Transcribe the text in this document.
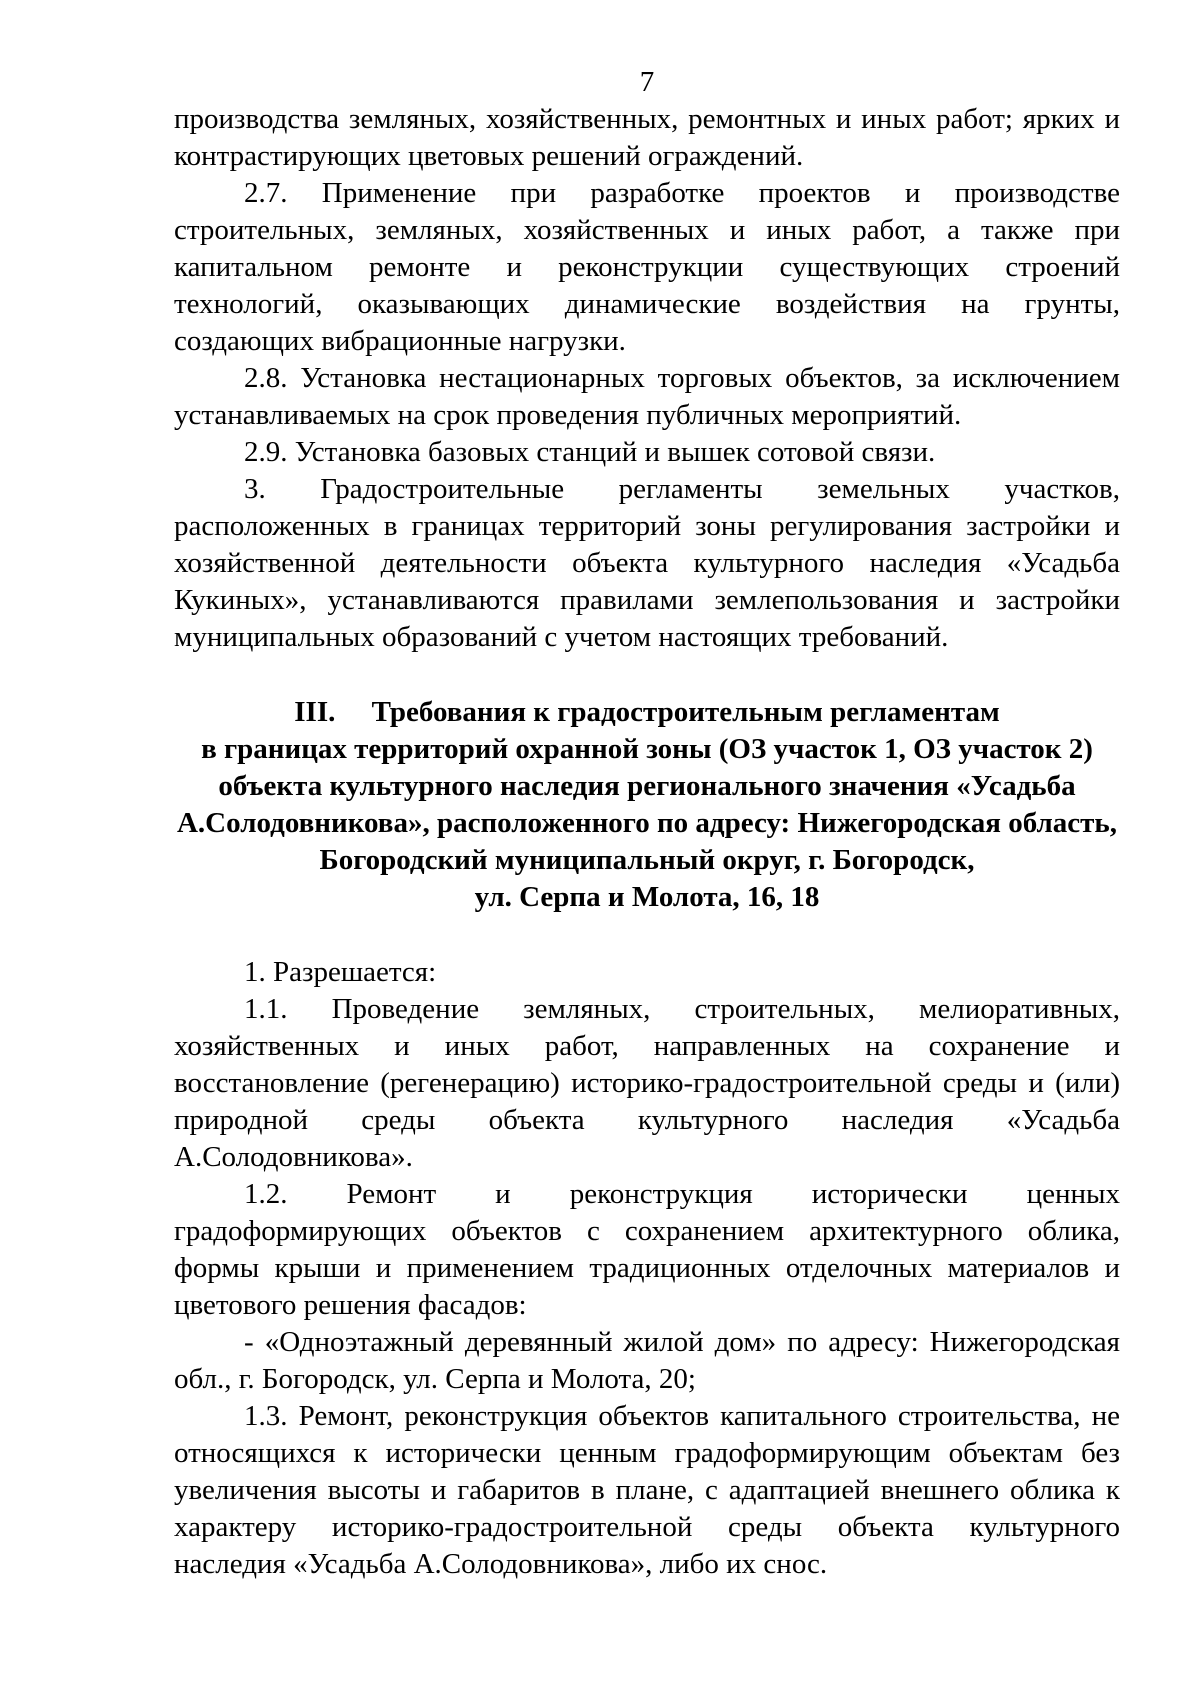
7

производства земляных, хозяйственных, ремонтных и иных работ; ярких и контрастирующих цветовых решений ограждений.

2.7. Применение при разработке проектов и производстве строительных, земляных, хозяйственных и иных работ, а также при капитальном ремонте и реконструкции существующих строений технологий, оказывающих динамические воздействия на грунты, создающих вибрационные нагрузки.

2.8. Установка нестационарных торговых объектов, за исключением устанавливаемых на срок проведения публичных мероприятий.

2.9. Установка базовых станций и вышек сотовой связи.

3. Градостроительные регламенты земельных участков, расположенных в границах территорий зоны регулирования застройки и хозяйственной деятельности объекта культурного наследия «Усадьба Кукиных», устанавливаются правилами землепользования и застройки муниципальных образований с учетом настоящих требований.

III.     Требования к градостроительным регламентам
в границах территорий охранной зоны (ОЗ участок 1, ОЗ участок 2)
объекта культурного наследия регионального значения «Усадьба
А.Солодовникова», расположенного по адресу: Нижегородская область,
Богородский муниципальный округ, г. Богородск,
ул. Серпа и Молота, 16, 18

1. Разрешается:

1.1. Проведение земляных, строительных, мелиоративных, хозяйственных и иных работ, направленных на сохранение и восстановление (регенерацию) историко-градостроительной среды и (или) природной среды объекта культурного наследия «Усадьба А.Солодовникова».

1.2. Ремонт и реконструкция исторически ценных градоформирующих объектов с сохранением архитектурного облика, формы крыши и применением традиционных отделочных материалов и цветового решения фасадов:

- «Одноэтажный деревянный жилой дом» по адресу: Нижегородская обл., г. Богородск, ул. Серпа и Молота, 20;

1.3. Ремонт, реконструкция объектов капитального строительства, не относящихся к исторически ценным градоформирующим объектам без увеличения высоты и габаритов в плане, с адаптацией внешнего облика к характеру историко-градостроительной среды объекта культурного наследия «Усадьба А.Солодовникова», либо их снос.
